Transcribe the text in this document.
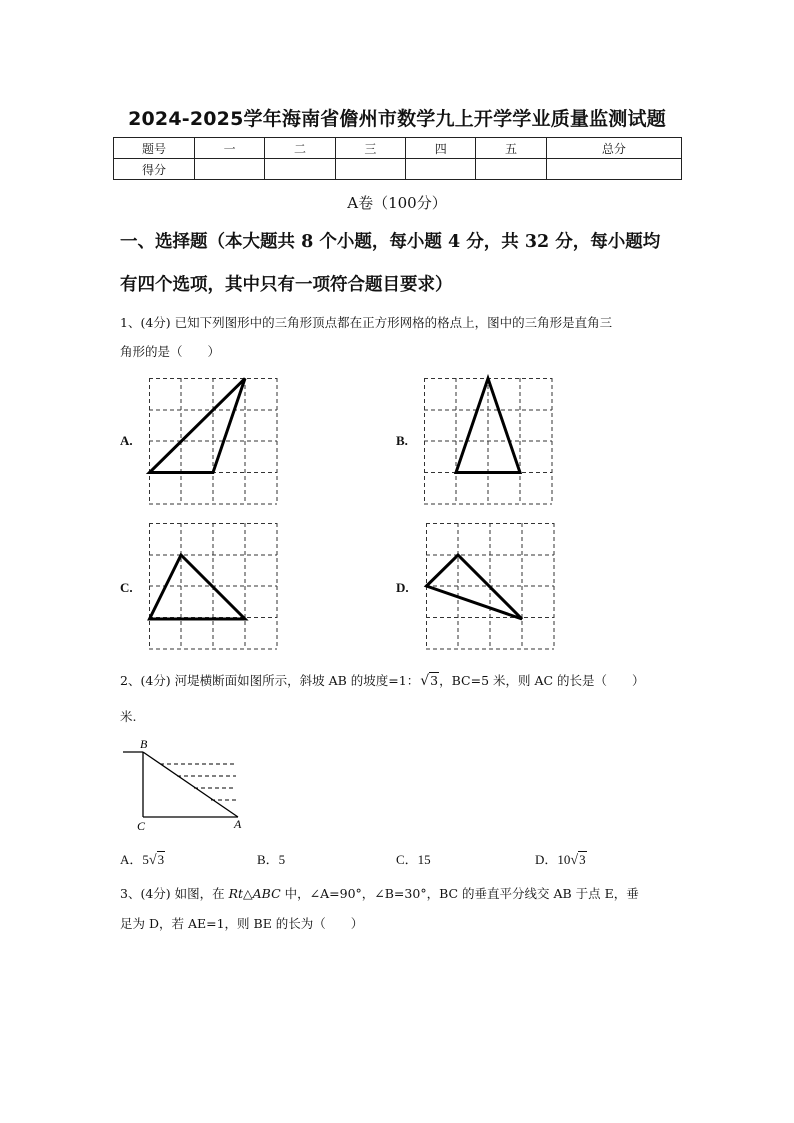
2024-2025学年海南省儋州市数学九上开学学业质量监测试题
题号	一	二	三	四	五	总分
得分						
A卷（100分）
一、选择题（本大题共 8 个小题，每小题 4 分，共 32 分，每小题均
有四个选项，其中只有一项符合题目要求）
1、(4分) 已知下列图形中的三角形顶点都在正方形网格的格点上，图中的三角形是直角三
角形的是（　　）
A.	B.
C.	D.
2、(4分) 河堤横断面如图所示，斜坡 AB 的坡度=1：√3，BC=5 米，则 AC 的长是（　　）
米.
B
C	A
A．5√3	B．5	C．15	D．10√3
3、(4分) 如图，在 Rt△ABC 中，∠A=90°，∠B=30°，BC 的垂直平分线交 AB 于点 E，垂
足为 D，若 AE=1，则 BE 的长为（　　）
